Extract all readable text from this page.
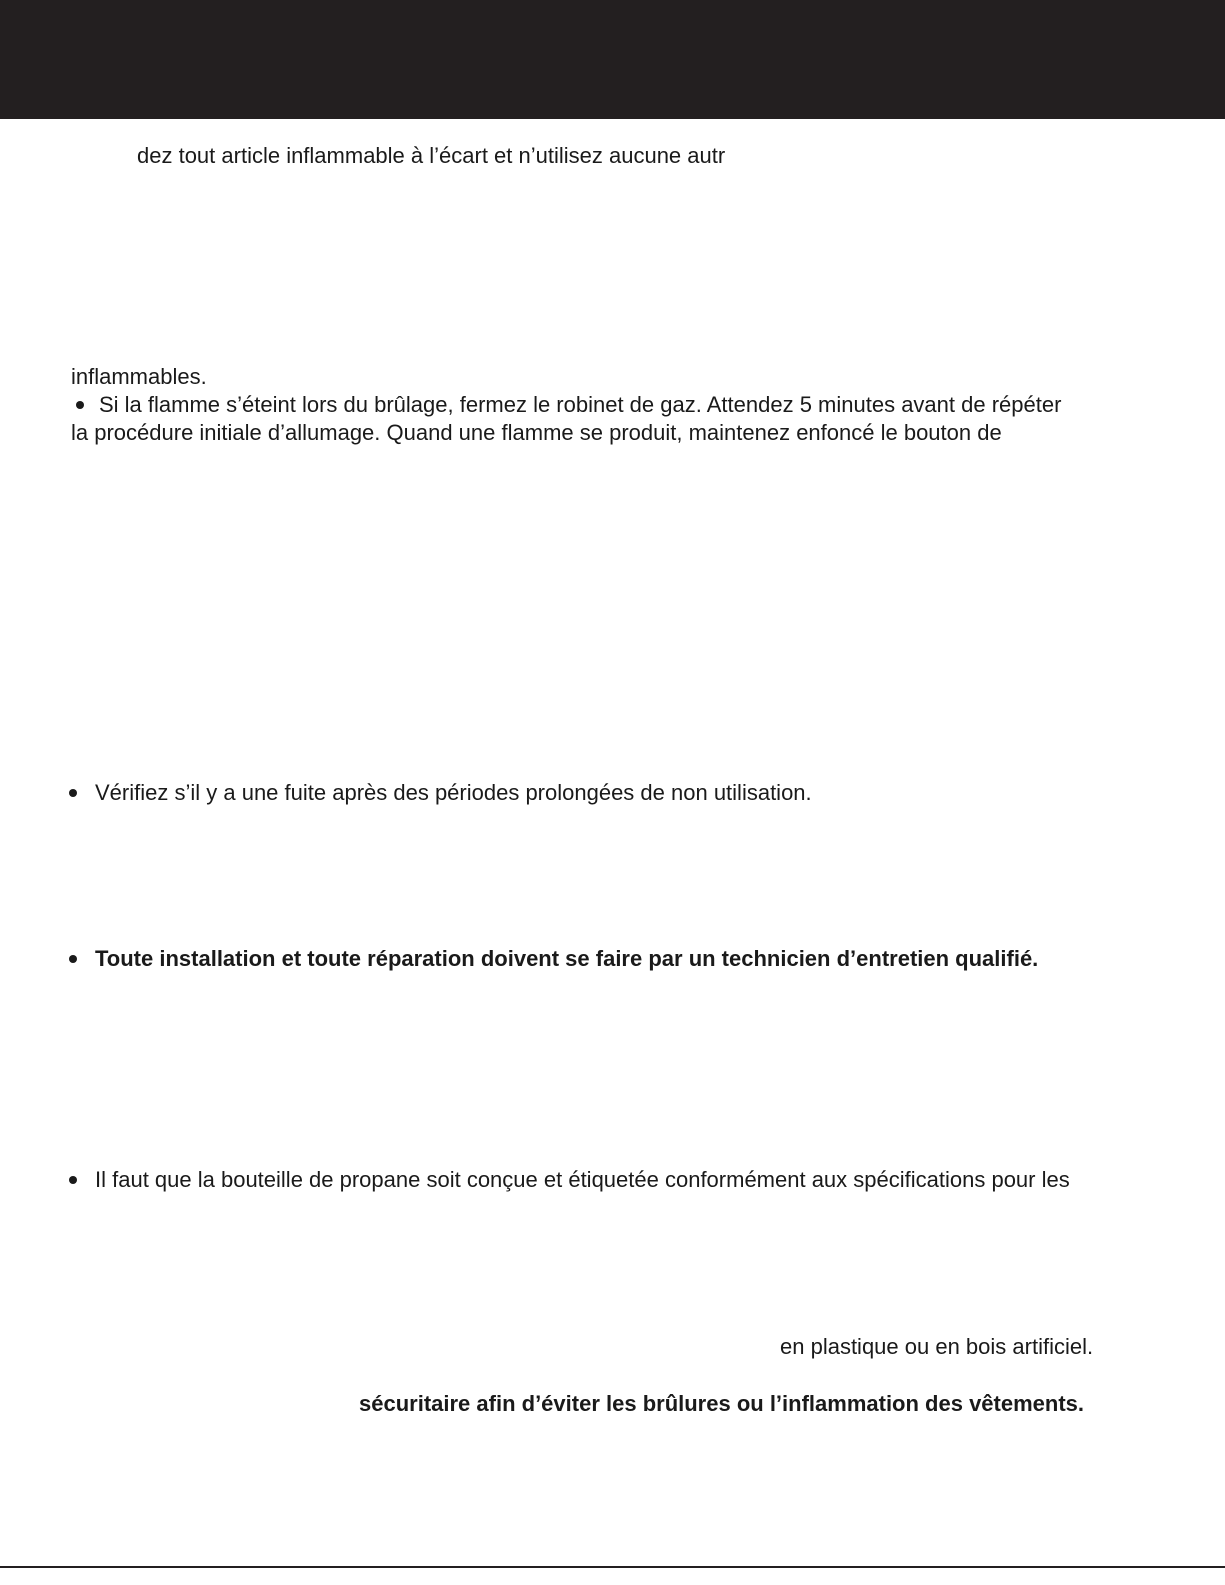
dez tout article inflammable à l’écart et n’utilisez aucune autr
inflammables.
Si la flamme s’éteint lors du brûlage, fermez le robinet de gaz. Attendez 5 minutes avant de répéter
la procédure initiale d’allumage. Quand une flamme se produit, maintenez enfoncé le bouton de
Vérifiez s’il y a une fuite après des périodes prolongées de non utilisation.
Toute installation et toute réparation doivent se faire par un technicien d’entretien qualifié.
Il faut que la bouteille de propane soit conçue et étiquetée conformément aux spécifications pour les
en plastique ou en bois artificiel.
sécuritaire afin d’éviter les brûlures ou l’inflammation des vêtements.
